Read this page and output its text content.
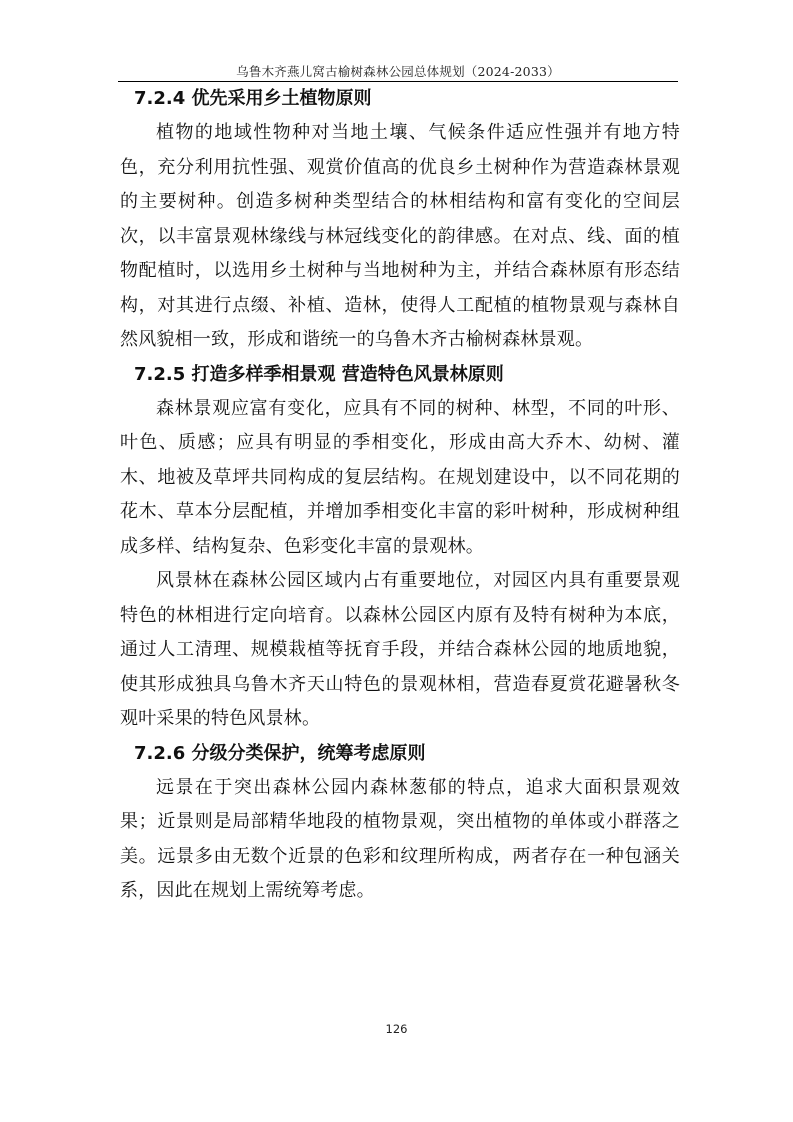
乌鲁木齐燕儿窝古榆树森林公园总体规划（2024-2033）
7.2.4 优先采用乡土植物原则

植物的地域性物种对当地土壤、气候条件适应性强并有地方特色，充分利用抗性强、观赏价值高的优良乡土树种作为营造森林景观的主要树种。创造多树种类型结合的林相结构和富有变化的空间层次，以丰富景观林缘线与林冠线变化的韵律感。在对点、线、面的植物配植时，以选用乡土树种与当地树种为主，并结合森林原有形态结构，对其进行点缀、补植、造林，使得人工配植的植物景观与森林自然风貌相一致，形成和谐统一的乌鲁木齐古榆树森林景观。

7.2.5 打造多样季相景观 营造特色风景林原则

森林景观应富有变化，应具有不同的树种、林型，不同的叶形、叶色、质感；应具有明显的季相变化，形成由高大乔木、幼树、灌木、地被及草坪共同构成的复层结构。在规划建设中，以不同花期的花木、草本分层配植，并增加季相变化丰富的彩叶树种，形成树种组成多样、结构复杂、色彩变化丰富的景观林。

风景林在森林公园区域内占有重要地位，对园区内具有重要景观特色的林相进行定向培育。以森林公园区内原有及特有树种为本底，通过人工清理、规模栽植等抚育手段，并结合森林公园的地质地貌，使其形成独具乌鲁木齐天山特色的景观林相，营造春夏赏花避暑秋冬观叶采果的特色风景林。

7.2.6 分级分类保护，统筹考虑原则

远景在于突出森林公园内森林葱郁的特点，追求大面积景观效果；近景则是局部精华地段的植物景观，突出植物的单体或小群落之美。远景多由无数个近景的色彩和纹理所构成，两者存在一种包涵关系，因此在规划上需统筹考虑。

126
